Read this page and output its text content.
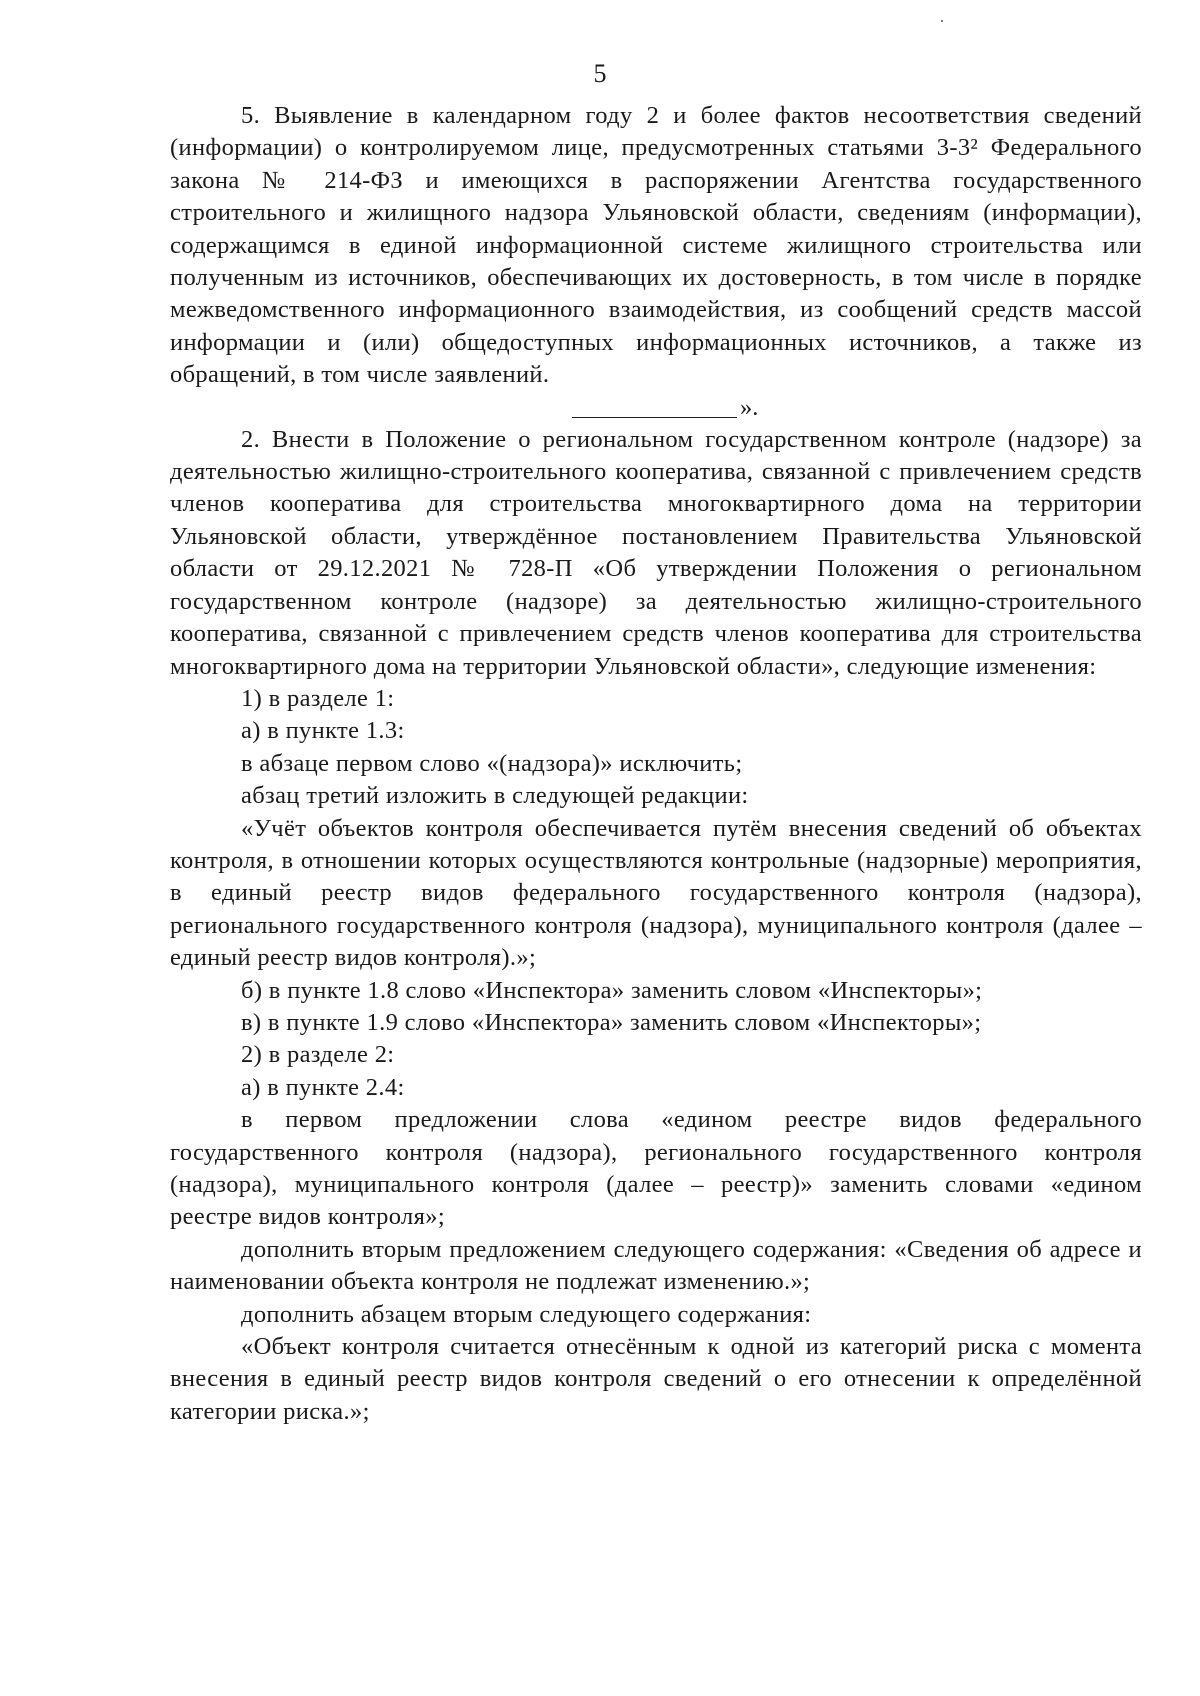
5

5. Выявление в календарном году 2 и более фактов несоответствия сведений (информации) о контролируемом лице, предусмотренных статьями 3-3² Федерального закона № 214-ФЗ и имеющихся в распоряжении Агентства государственного строительного и жилищного надзора Ульяновской области, сведениям (информации), содержащимся в единой информационной системе жилищного строительства или полученным из источников, обеспечивающих их достоверность, в том числе в порядке межведомственного информационного взаимодействия, из сообщений средств массой информации и (или) общедоступных информационных источников, а также из обращений, в том числе заявлений.

».

2. Внести в Положение о региональном государственном контроле (надзоре) за деятельностью жилищно-строительного кооператива, связанной с привлечением средств членов кооператива для строительства многоквартирного дома на территории Ульяновской области, утверждённое постановлением Правительства Ульяновской области от 29.12.2021 № 728-П «Об утверждении Положения о региональном государственном контроле (надзоре) за деятельностью жилищно-строительного кооператива, связанной с привлечением средств членов кооператива для строительства многоквартирного дома на территории Ульяновской области», следующие изменения:

1) в разделе 1:

а) в пункте 1.3:

в абзаце первом слово «(надзора)» исключить;

абзац третий изложить в следующей редакции:

«Учёт объектов контроля обеспечивается путём внесения сведений об объектах контроля, в отношении которых осуществляются контрольные (надзорные) мероприятия, в единый реестр видов федерального государственного контроля (надзора), регионального государственного контроля (надзора), муниципального контроля (далее – единый реестр видов контроля).»;

б) в пункте 1.8 слово «Инспектора» заменить словом «Инспекторы»;

в) в пункте 1.9 слово «Инспектора» заменить словом «Инспекторы»;

2) в разделе 2:

а) в пункте 2.4:

в первом предложении слова «едином реестре видов федерального государственного контроля (надзора), регионального государственного контроля (надзора), муниципального контроля (далее – реестр)» заменить словами «едином реестре видов контроля»;

дополнить вторым предложением следующего содержания: «Сведения об адресе и наименовании объекта контроля не подлежат изменению.»;

дополнить абзацем вторым следующего содержания:

«Объект контроля считается отнесённым к одной из категорий риска с момента внесения в единый реестр видов контроля сведений о его отнесении к определённой категории риска.»;
